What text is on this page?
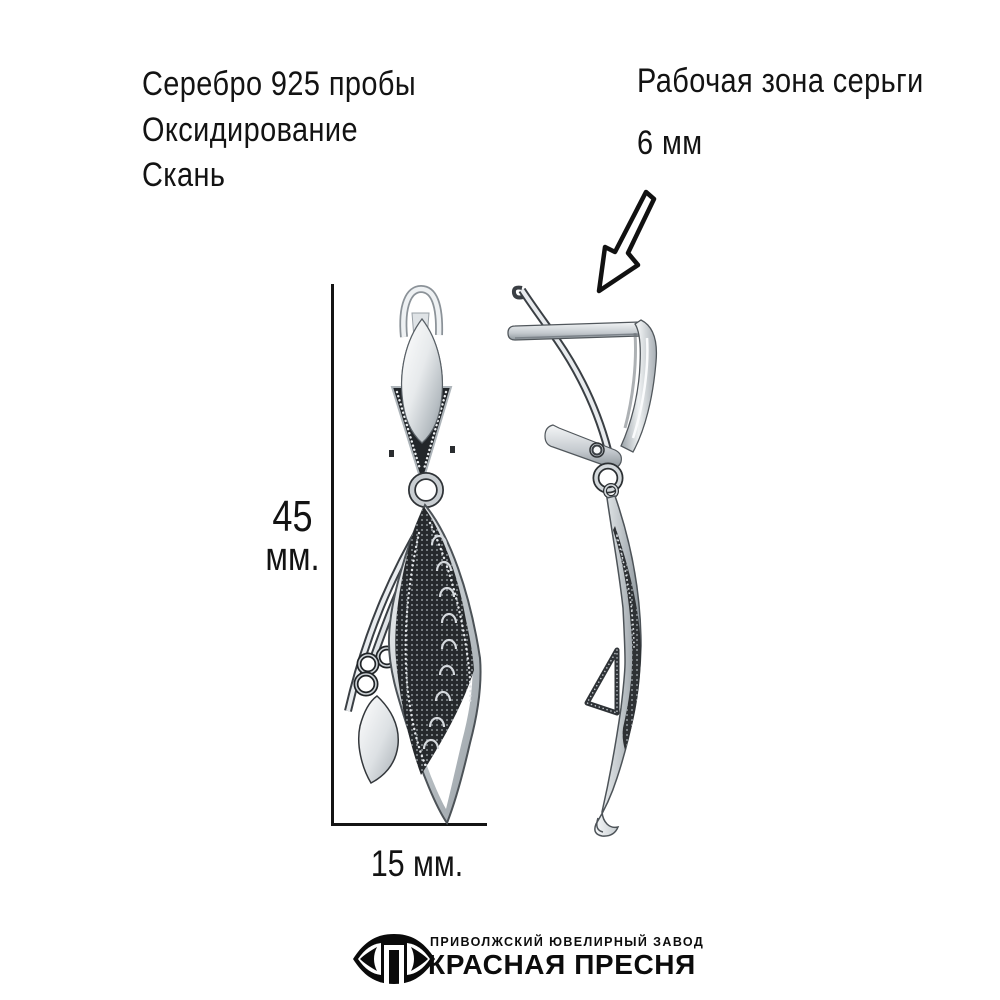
Серебро 925 пробы
Оксидирование
Скань
Рабочая зона серьги
6 мм
45
мм.
15 мм.
ПРИВОЛЖСКИЙ ЮВЕЛИРНЫЙ ЗАВОД
КРАСНАЯ ПРЕСНЯ
